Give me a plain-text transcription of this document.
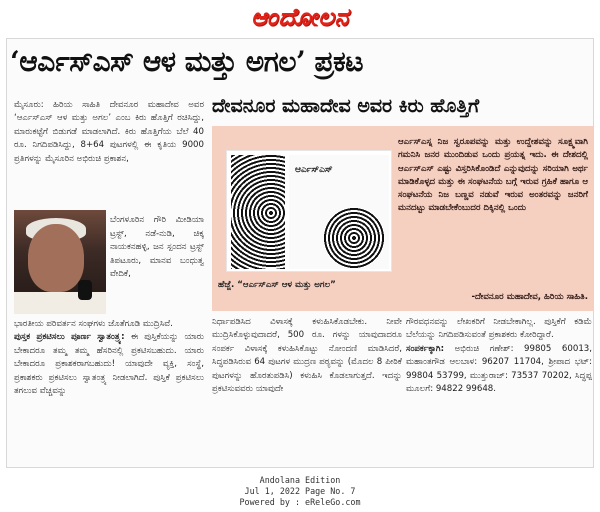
ಆಂದೋಲನ
‘ಆರ್ಎಸ್ಎಸ್ ಆಳ ಮತ್ತು ಅಗಲ’ ಪ್ರಕಟ
ದೇವನೂರ ಮಹಾದೇವ ಅವರ ಕಿರು ಹೊತ್ತಿಗೆ

ಮೈಸೂರು: ಹಿರಿಯ ಸಾಹಿತಿ ದೇವನೂರ ಮಹಾದೇವ ಅವರ ‘ಆರ್ಎಸ್ಎಸ್ ಆಳ ಮತ್ತು ಅಗಲ’ ಎಂಬ ಕಿರು ಹೊತ್ತಿಗೆ ರಚಿಸಿದ್ದು, ಮಾರುಕಟ್ಟೆಗೆ ಬಿಡುಗಡೆ ಮಾಡಲಾಗಿದೆ. ಕಿರು ಹೊತ್ತಿಗೆಯ ಬೆಲೆ 40 ರೂ. ನಿಗದಿಪಡಿಸಿದ್ದು, 8+64 ಪುಟಗಳಲ್ಲಿ ಈ ಕೃತಿಯ 9000 ಪ್ರತಿಗಳನ್ನು ಮೈಸೂರಿನ ಅಭಿರುಚಿ ಪ್ರಕಾಶನ,

ಬೆಂಗಳೂರಿನ ಗೌರಿ ಮೀಡಿಯಾ ಟ್ರಸ್ಟ್, ನಡೆ-ನುಡಿ, ಚಿಕ್ಕ ನಾಯಕನಹಳ್ಳಿ, ಜನ ಸ್ಪಂದನ ಟ್ರಸ್ಟ್ ತಿಪಟೂರು, ಮಾನವ ಬಂಧುತ್ವ ವೇದಿಕೆ,

ಭಾರತೀಯ ಪರಿವರ್ತನ ಸಂಘಗಳು ಜೊತೆಗೂಡಿ ಮುದ್ರಿಸಿವೆ.

ಪುಸ್ತಕ ಪ್ರಕಟಿಸಲು ಪೂರ್ಣ ಸ್ವಾತಂತ್ರ್ಯ: ಈ ಪುಸ್ತಿಕೆಯನ್ನು ಯಾರು ಬೇಕಾದರೂ ತಮ್ಮ ತಮ್ಮ ಹೆಸರಿನಲ್ಲಿ ಪ್ರಕಟಿಸಬಹುದು. ಯಾರು ಬೇಕಾದರೂ ಪ್ರಕಾಶಕರಾಗಬಹುದು! ಯಾವುದೇ ವ್ಯಕ್ತಿ, ಸಂಸ್ಥೆ, ಪ್ರಕಾಶಕರು ಪ್ರಕಟಿಸಲು ಸ್ವಾತಂತ್ರ್ಯ ನೀಡಲಾಗಿದೆ. ಪುಸ್ತಿಕೆ ಪ್ರಕಟಿಸಲು ತಗಲುವ ವೆಚ್ಚವನ್ನು

ಆರ್ಎಸ್ಎಸ್
ಹೆಜ್ಜೆ. “ಆರ್ಎಸ್ಎಸ್ ಆಳ ಮತ್ತು ಅಗಲ”
ಆರ್ಎಸ್ಎಸ್ನ ನಿಜ ಸ್ವರೂಪವನ್ನು ಮತ್ತು ಉದ್ದೇಶವನ್ನು ಸೂಕ್ಷ್ಮವಾಗಿ ಗಮನಿಸಿ ಜನರ ಮುಂದಿಡುವ ಒಂದು ಪ್ರಯತ್ನ ಇದು. ಈ ದೇಶದಲ್ಲಿ ಆರ್ಎಸ್ಎಸ್ ಎಷ್ಟು ವಿಸ್ತರಿಸಿಕೊಂಡಿದೆ ಎನ್ನುವುದನ್ನು ಸರಿಯಾಗಿ ಅರ್ಥ ಮಾಡಿಕೊಳ್ಳದ ಮತ್ತು ಈ ಸಂಘಟನೆಯ ಬಗ್ಗೆ ಇರುವ ಗ್ರಹಿಕೆ ಹಾಗೂ ಆ ಸಂಘಟನೆಯ ನಿಜ ಬಣ್ಣವ ನಡುವೆ ಇರುವ ಅಂತರವನ್ನು ಜನರಿಗೆ ಮನದಟ್ಟು ಮಾಡಬೇಕೆಂಬುದರ ದಿಕ್ಕಿನಲ್ಲಿ ಒಂದು
-ದೇವನೂರ ಮಹಾದೇವ, ಹಿರಿಯ ಸಾಹಿತಿ.

ನಿರ್ಧಾಪಡಿಸಿದ ವಿಳಾಸಕ್ಕೆ ಕಳುಹಿಸಿಕೊಡಬೇಕು. ನೀವೇ ಮುದ್ರಿಸಿಕೊಳ್ಳುವುದಾದರೆ, 500 ರೂ. ಗಳನ್ನು ಯಾವುದಾದರೂ ಸಂಪರ್ಕ ವಿಳಾಸಕ್ಕೆ ಕಳುಹಿಸಿಕೊಟ್ಟು ನೋಂದಣಿ ಮಾಡಿಸಿದರೆ, ಸಿದ್ಧಪಡಿಸಿರುವ 64 ಪುಟಗಳ ಮುದ್ರಣ ಪಠ್ಯವನ್ನು (ಮೊದಲ 8 ಪೀಠಿಕೆ ಪುಟಗಳನ್ನು ಹೊರತುಪಡಿಸಿ) ಕಳುಹಿಸಿ ಕೊಡಲಾಗುತ್ತದೆ. ಇದನ್ನು ಪ್ರಕಟಿಸುವವರು ಯಾವುದೇ

ಗೌರವಧನವನ್ನು ಲೇಖಕರಿಗೆ ನೀಡಬೇಕಾಗಿಲ್ಲ. ಪುಸ್ತಿಕೆಗೆ ಕಡಿಮೆ ಬೆಲೆಯನ್ನು ನಿಗದಿಪಡಿಸುವಂತೆ ಪ್ರಕಾಶಕರು ಕೋರಿದ್ದಾರೆ.

ಸಂಪರ್ಕಕ್ಕಾಗಿ: ಅಭಿರುಚಿ ಗಣೇಶ್: 99805 60013, ಮಹಾಂತಗೌಡ ಆಲಬಾಳ: 96207 11704, ಶ್ರೀಪಾದ ಭಟ್: 99804 53799, ಮುತ್ತುರಾಜ್: 73537 70202, ಸಿದ್ಧಪ್ಪ ಮೂಲಗೆ: 94822 99648.

Andolana Edition
Jul 1, 2022 Page No. 7
Powered by : eReleGo.com
